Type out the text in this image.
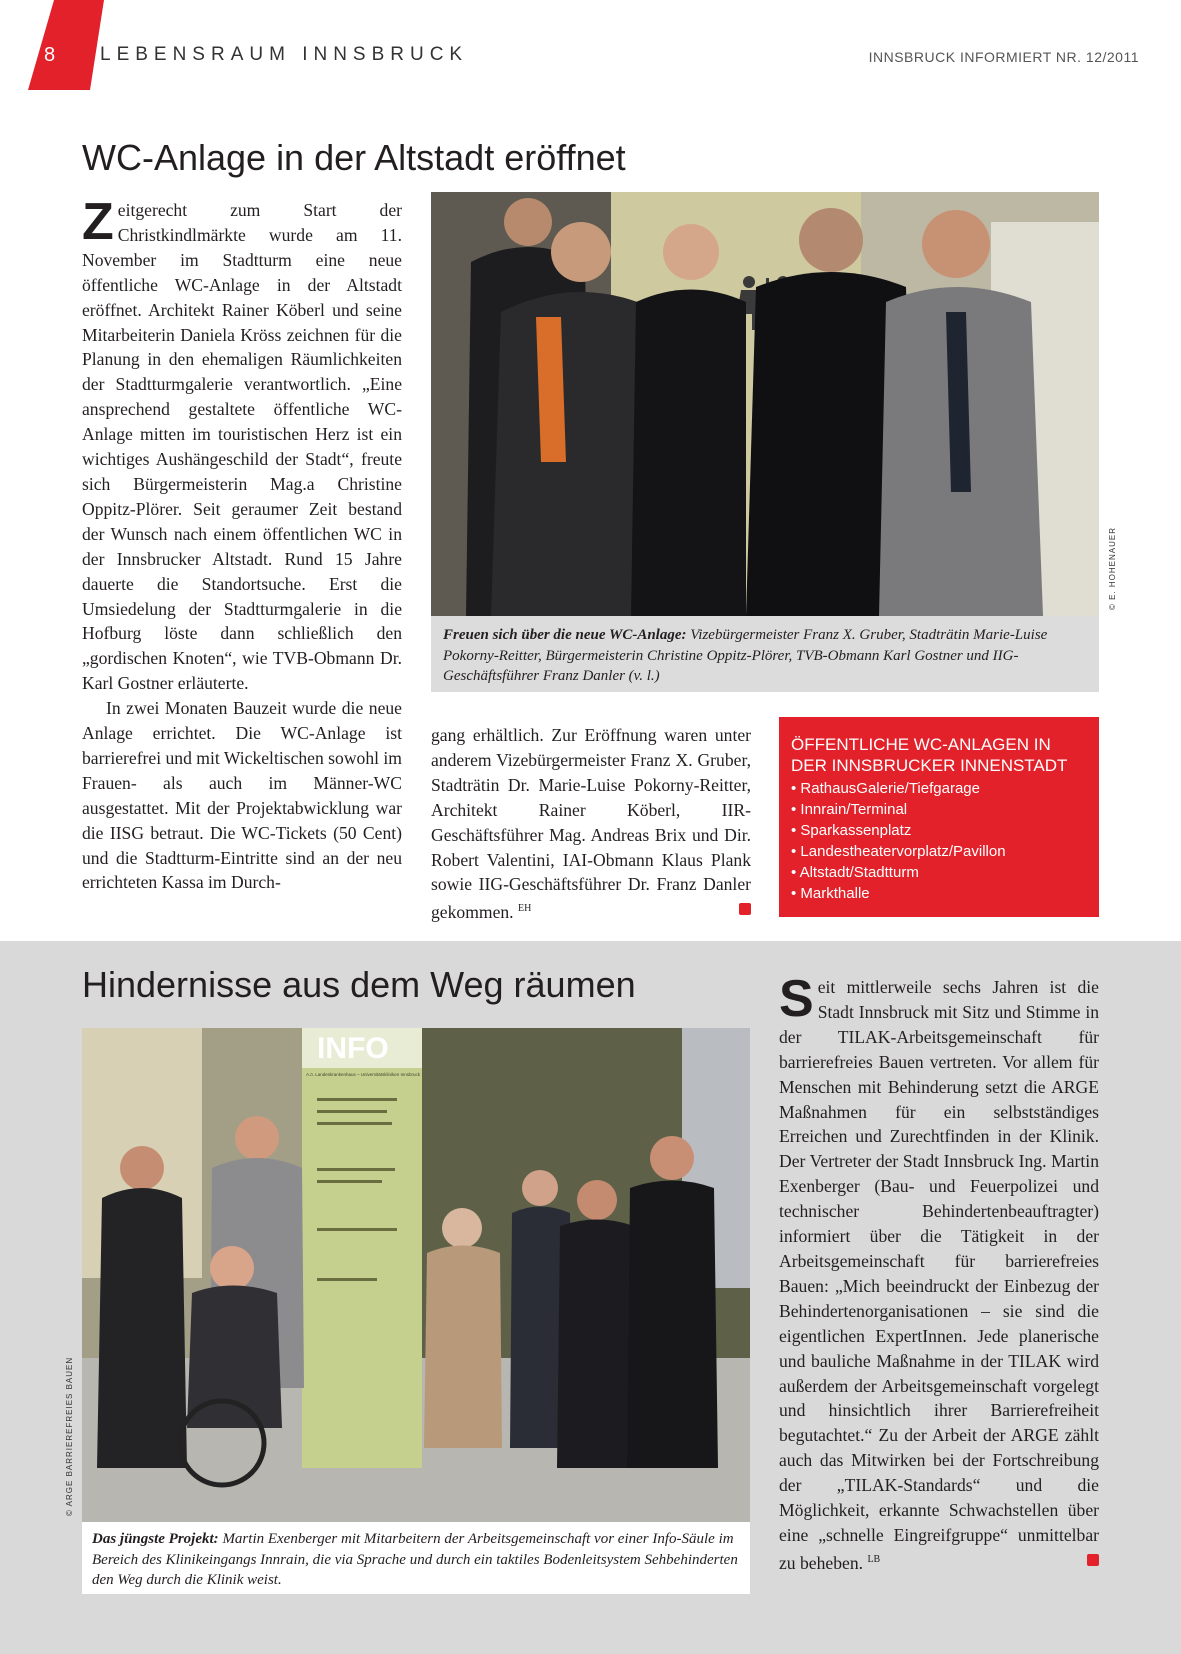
8 LEBENSRAUM INNSBRUCK	INNSBRUCK INFORMIERT NR. 12/2011
WC-Anlage in der Altstadt eröffnet

Zeitgerecht zum Start der Christkindlmärkte wurde am 11. November im Stadtturm eine neue öffentliche WC-Anlage in der Altstadt eröffnet. Architekt Rainer Köberl und seine Mitarbeiterin Daniela Kröss zeichnen für die Planung in den ehemaligen Räumlichkeiten der Stadtturmgalerie verantwortlich. „Eine ansprechend gestaltete öffentliche WC-Anlage mitten im touristischen Herz ist ein wichtiges Aushängeschild der Stadt“, freute sich Bürgermeisterin Mag.a Christine Oppitz-Plörer. Seit geraumer Zeit bestand der Wunsch nach einem öffentlichen WC in der Innsbrucker Altstadt. Rund 15 Jahre dauerte die Standortsuche. Erst die Umsiedelung der Stadtturmgalerie in die Hofburg löste dann schließlich den „gordischen Knoten“, wie TVB-Obmann Dr. Karl Gostner erläuterte.

In zwei Monaten Bauzeit wurde die neue Anlage errichtet. Die WC-Anlage ist barrierefrei und mit Wickeltischen sowohl im Frauen- als auch im Männer-WC ausgestattet. Mit der Projektabwicklung war die IISG betraut. Die WC-Tickets (50 Cent) und die Stadtturm-Eintritte sind an der neu errichteten Kassa im Durch-

gang erhältlich. Zur Eröffnung waren unter anderem Vizebürgermeister Franz X. Gruber, Stadträtin Dr. Marie-Luise Pokorny-Reitter, Architekt Rainer Köberl, IIR-Geschäftsführer Mag. Andreas Brix und Dir. Robert Valentini, IAI-Obmann Klaus Plank sowie IIG-Geschäftsführer Dr. Franz Danler gekommen. $^{EH}$
© E. HOHENAUER
Freuen sich über die neue WC-Anlage: Vizebürgermeister Franz X. Gruber, Stadträtin Marie-Luise Pokorny-Reitter, Bürgermeisterin Christine Oppitz-Plörer, TVB-Obmann Karl Gostner und IIG-Geschäftsführer Franz Danler (v. l.)
ÖFFENTLICHE WC-ANLAGEN IN DER INNSBRUCKER INNENSTADT
• RathausGalerie/Tiefgarage
• Innrain/Terminal
• Sparkassenplatz
• Landestheatervorplatz/Pavillon
• Altstadt/Stadtturm
• Markthalle
Hindernisse aus dem Weg räumen
INFO
A.ö. Landeskrankenhaus – Universitätskliniken Innsbruck
© ARGE BARRIEREFREIES BAUEN
Das jüngste Projekt: Martin Exenberger mit Mitarbeitern der Arbeitsgemeinschaft vor einer Info-Säule im Bereich des Klinikeingangs Innrain, die via Sprache und durch ein taktiles Bodenleitsystem Sehbehinderten den Weg durch die Klinik weist.

Seit mittlerweile sechs Jahren ist die Stadt Innsbruck mit Sitz und Stimme in der TILAK-Arbeitsgemeinschaft für barrierefreies Bauen vertreten. Vor allem für Menschen mit Behinderung setzt die ARGE Maßnahmen für ein selbstständiges Erreichen und Zurechtfinden in der Klinik. Der Vertreter der Stadt Innsbruck Ing. Martin Exenberger (Bau- und Feuerpolizei und technischer Behindertenbeauftragter) informiert über die Tätigkeit in der Arbeitsgemeinschaft für barrierefreies Bauen: „Mich beeindruckt der Einbezug der Behindertenorganisationen – sie sind die eigentlichen ExpertInnen. Jede planerische und bauliche Maßnahme in der TILAK wird außerdem der Arbeitsgemeinschaft vorgelegt und hinsichtlich ihrer Barrierefreiheit begutachtet.“ Zu der Arbeit der ARGE zählt auch das Mitwirken bei der Fortschreibung der „TILAK-Standards“ und die Möglichkeit, erkannte Schwachstellen über eine „schnelle Eingreifgruppe“ unmittelbar zu beheben. $^{LB}$
